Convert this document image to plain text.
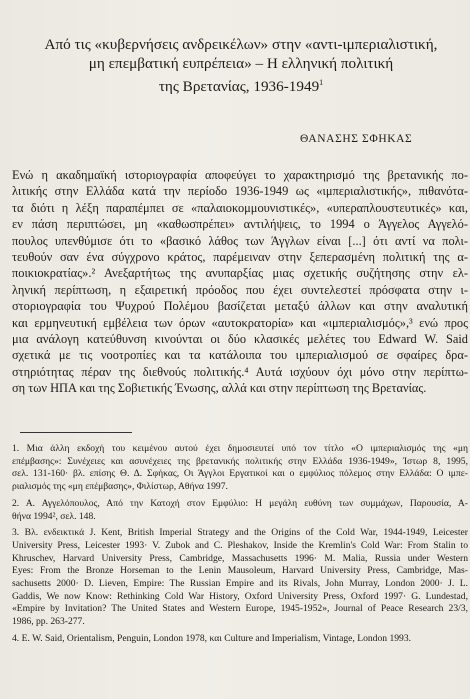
Από τις «κυβερνήσεις ανδρεικέλων» στην «αντι-ιμπεριαλιστική,
μη επεμβατική ευπρέπεια» – Η ελληνική πολιτική
της Βρετανίας, 1936-1949$^1$
ΘΑΝΑΣΗΣ ΣΦΗΚΑΣ

Ενώ η ακαδημαϊκή ιστοριογραφία αποφεύγει το χαρακτηρισμό της βρετανικής πο-

λιτικής στην Ελλάδα κατά την περίοδο 1936-1949 ως «ιμπεριαλιστικής», πιθανότα-

τα διότι η λέξη παραπέμπει σε «παλαιοκομμουνιστικές», «υπεραπλουστευτικές» και,

εν πάση περιπτώσει, μη «καθωσπρέπει» αντιλήψεις, το 1994 ο Άγγελος Αγγελό-

πουλος υπενθύμισε ότι το «βασικό λάθος των Άγγλων είναι [...] ότι αντί να πολι-

τευθούν σαν ένα σύγχρονο κράτος, παρέμειναν στην ξεπερασμένη πολιτική της α-

ποικιοκρατίας».² Ανεξαρτήτως της ανυπαρξίας μιας σχετικής συζήτησης στην ελ-

ληνική περίπτωση, η εξαιρετική πρόοδος που έχει συντελεστεί πρόσφατα στην ι-

στοριογραφία του Ψυχρού Πολέμου βασίζεται μεταξύ άλλων και στην αναλυτική

και ερμηνευτική εμβέλεια των όρων «αυτοκρατορία» και «ιμπεριαλισμός»,³ ενώ προς

μια ανάλογη κατεύθυνση κινούνται οι δύο κλασικές μελέτες του Edward W. Said

σχετικά με τις νοοτροπίες και τα κατάλοιπα του ιμπεριαλισμού σε σφαίρες δρα-

στηριότητας πέραν της διεθνούς πολιτικής.⁴ Αυτά ισχύουν όχι μόνο στην περίπτω-

ση των ΗΠΑ και της Σοβιετικής Ένωσης, αλλά και στην περίπτωση της Βρετανίας.

1. Μια άλλη εκδοχή του κειμένου αυτού έχει δημοσιευτεί υπό τον τίτλο «Ο ιμπεριαλισμός της «μη

επέμβασης»: Συνέχειες και ασυνέχειες της βρετανικής πολιτικής στην Ελλάδα 1936-1949», Ίστωρ 8, 1995,

σελ. 131-160· βλ. επίσης Θ. Δ. Σφήκας, Οι Άγγλοι Εργατικοί και ο εμφύλιος πόλεμος στην Ελλάδα: Ο ιμπε-

ριαλισμός της «μη επέμβασης», Φιλίστωρ, Αθήνα 1997.

2. Α. Αγγελόπουλος, Από την Κατοχή στον Εμφύλιο: Η μεγάλη ευθύνη των συμμάχων, Παρουσία, Α-

θήνα 1994², σελ. 148.

3. Βλ. ενδεικτικά J. Kent, British Imperial Strategy and the Origins of the Cold War, 1944-1949, Leicester

University Press, Leicester 1993· V. Zubok and C. Pleshakov, Inside the Kremlin's Cold War: From Stalin to

Khruschev, Harvard University Press, Cambridge, Massachusetts 1996· M. Malia, Russia under Western

Eyes: From the Bronze Horseman to the Lenin Mausoleum, Harvard University Press, Cambridge, Mas-

sachusetts 2000· D. Lieven, Empire: The Russian Empire and its Rivals, John Murray, London 2000· J. L.

Gaddis, We now Know: Rethinking Cold War History, Oxford University Press, Oxford 1997· G. Lundestad,

«Empire by Invitation? The United States and Western Europe, 1945-1952», Journal of Peace Research 23/3,

1986, pp. 263-277.

4. E. W. Said, Orientalism, Penguin, London 1978, και Culture and Imperialism, Vintage, London 1993.
